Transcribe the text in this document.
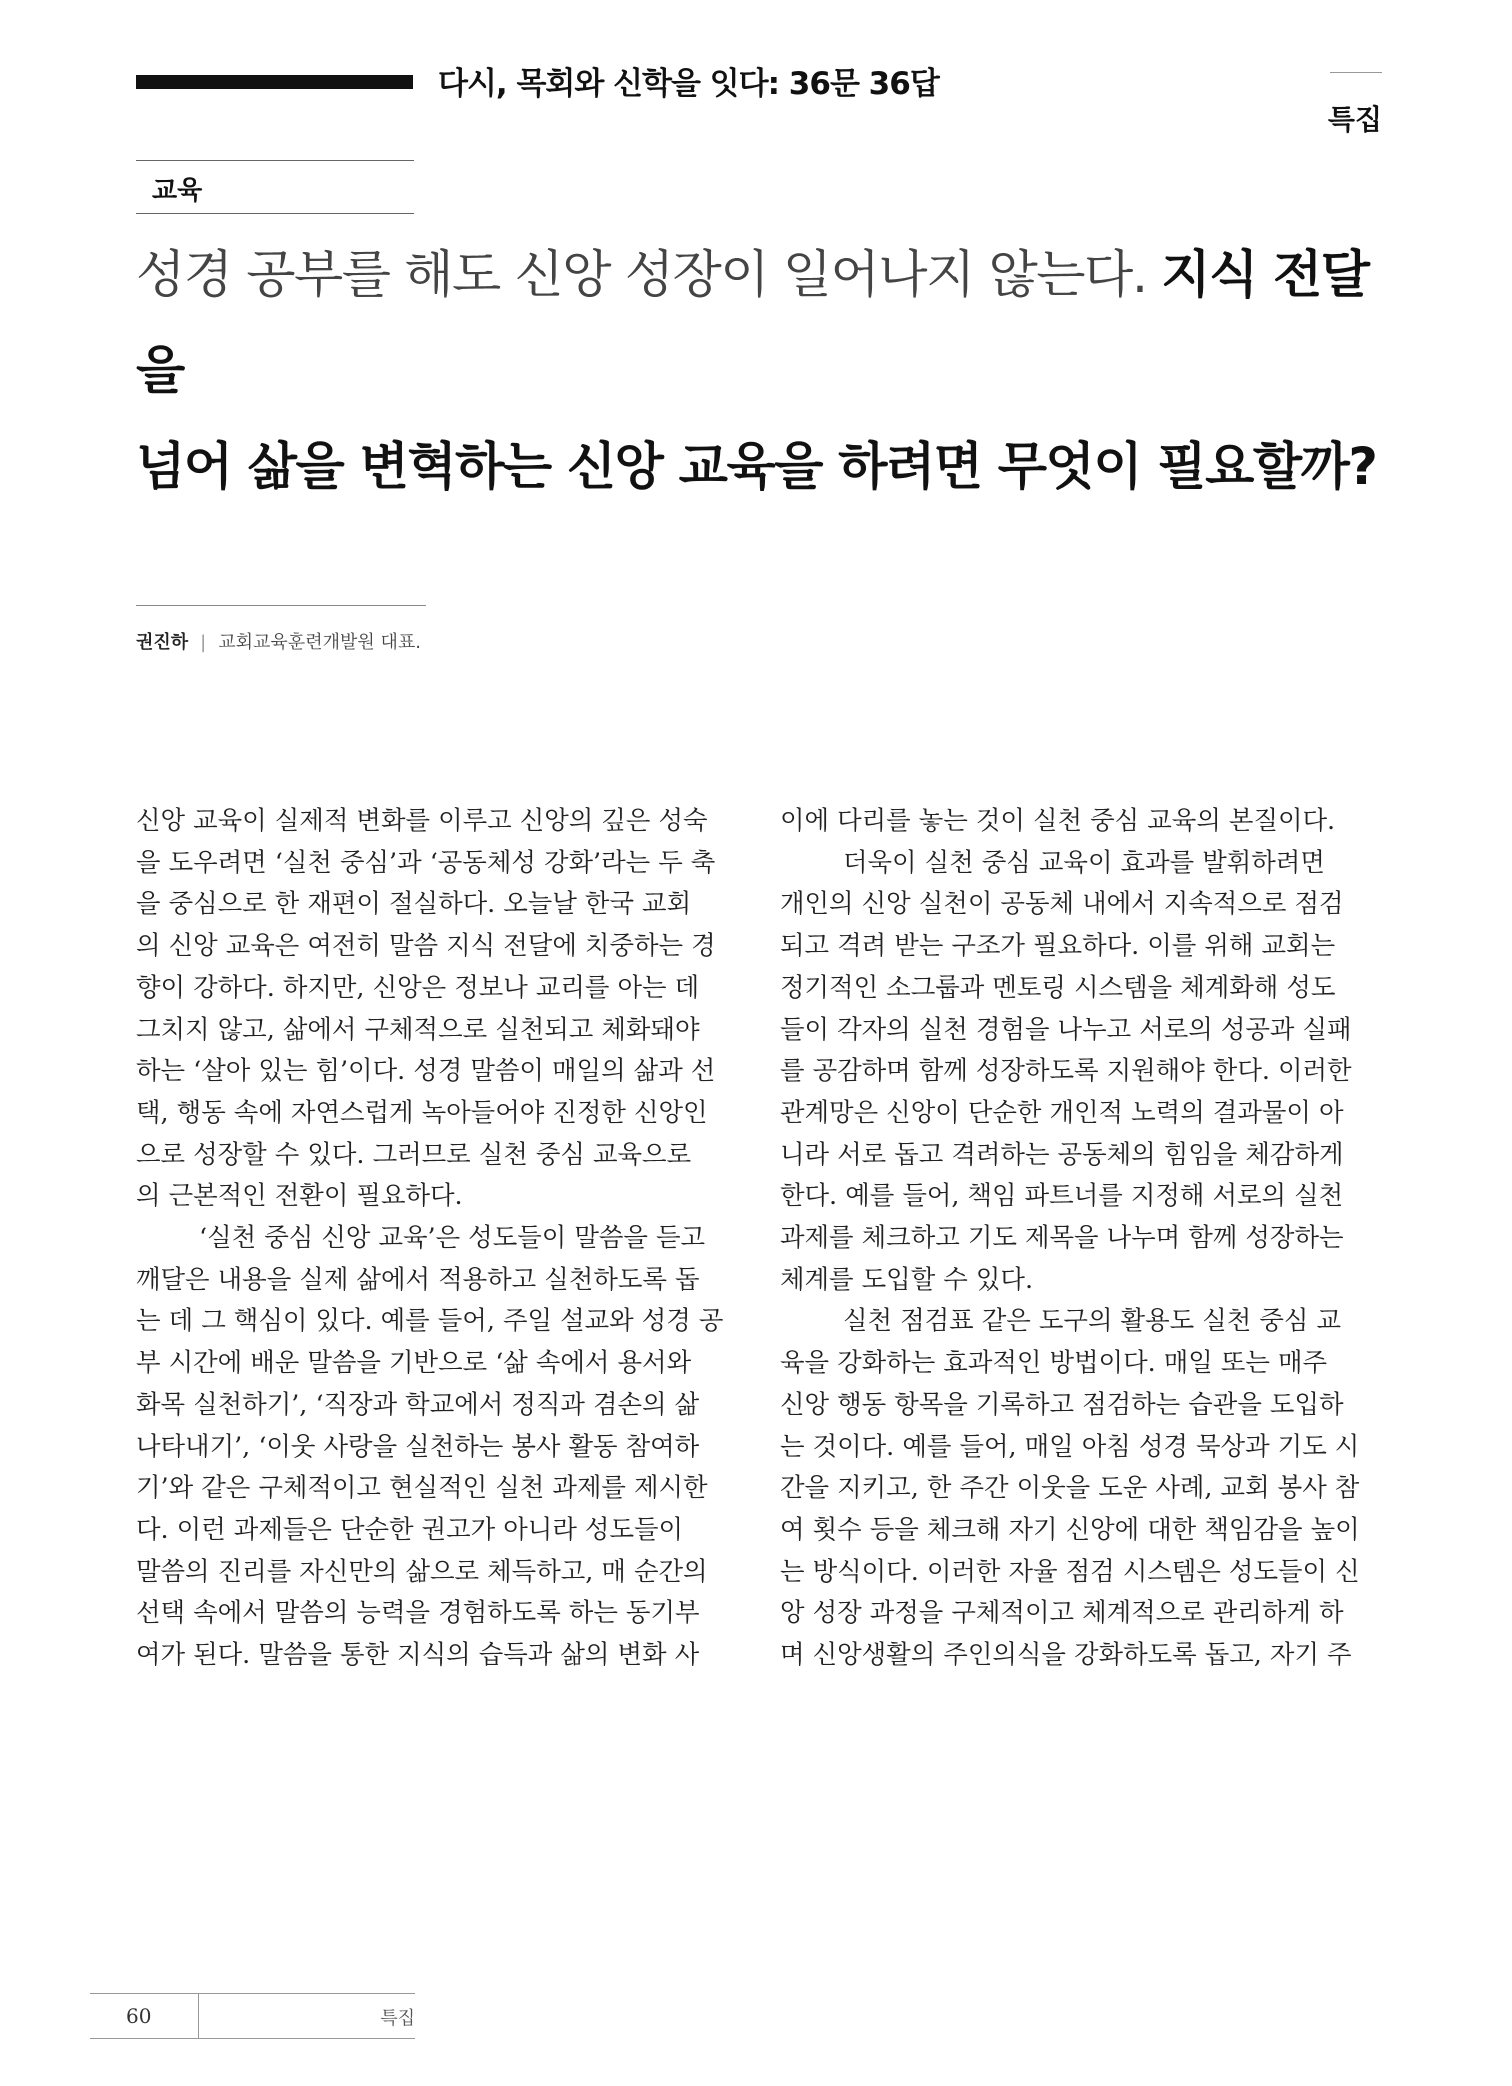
다시, 목회와 신학을 잇다: 36문 36답
특집
교육
성경 공부를 해도 신앙 성장이 일어나지 않는다. 지식 전달을
넘어 삶을 변혁하는 신앙 교육을 하려면 무엇이 필요할까?
권진하 | 교회교육훈련개발원 대표.

신앙 교육이 실제적 변화를 이루고 신앙의 깊은 성숙

을 도우려면 ‘실천 중심’과 ‘공동체성 강화’라는 두 축

을 중심으로 한 재편이 절실하다. 오늘날 한국 교회

의 신앙 교육은 여전히 말씀 지식 전달에 치중하는 경

향이 강하다. 하지만, 신앙은 정보나 교리를 아는 데

그치지 않고, 삶에서 구체적으로 실천되고 체화돼야

하는 ‘살아 있는 힘’이다. 성경 말씀이 매일의 삶과 선

택, 행동 속에 자연스럽게 녹아들어야 진정한 신앙인

으로 성장할 수 있다. 그러므로 실천 중심 교육으로

의 근본적인 전환이 필요하다.

‘실천 중심 신앙 교육’은 성도들이 말씀을 듣고

깨달은 내용을 실제 삶에서 적용하고 실천하도록 돕

는 데 그 핵심이 있다. 예를 들어, 주일 설교와 성경 공

부 시간에 배운 말씀을 기반으로 ‘삶 속에서 용서와

화목 실천하기’, ‘직장과 학교에서 정직과 겸손의 삶

나타내기’, ‘이웃 사랑을 실천하는 봉사 활동 참여하

기’와 같은 구체적이고 현실적인 실천 과제를 제시한

다. 이런 과제들은 단순한 권고가 아니라 성도들이

말씀의 진리를 자신만의 삶으로 체득하고, 매 순간의

선택 속에서 말씀의 능력을 경험하도록 하는 동기부

여가 된다. 말씀을 통한 지식의 습득과 삶의 변화 사

이에 다리를 놓는 것이 실천 중심 교육의 본질이다.

더욱이 실천 중심 교육이 효과를 발휘하려면

개인의 신앙 실천이 공동체 내에서 지속적으로 점검

되고 격려 받는 구조가 필요하다. 이를 위해 교회는

정기적인 소그룹과 멘토링 시스템을 체계화해 성도

들이 각자의 실천 경험을 나누고 서로의 성공과 실패

를 공감하며 함께 성장하도록 지원해야 한다. 이러한

관계망은 신앙이 단순한 개인적 노력의 결과물이 아

니라 서로 돕고 격려하는 공동체의 힘임을 체감하게

한다. 예를 들어, 책임 파트너를 지정해 서로의 실천

과제를 체크하고 기도 제목을 나누며 함께 성장하는

체계를 도입할 수 있다.

실천 점검표 같은 도구의 활용도 실천 중심 교

육을 강화하는 효과적인 방법이다. 매일 또는 매주

신앙 행동 항목을 기록하고 점검하는 습관을 도입하

는 것이다. 예를 들어, 매일 아침 성경 묵상과 기도 시

간을 지키고, 한 주간 이웃을 도운 사례, 교회 봉사 참

여 횟수 등을 체크해 자기 신앙에 대한 책임감을 높이

는 방식이다. 이러한 자율 점검 시스템은 성도들이 신

앙 성장 과정을 구체적이고 체계적으로 관리하게 하

며 신앙생활의 주인의식을 강화하도록 돕고, 자기 주

60	특집
